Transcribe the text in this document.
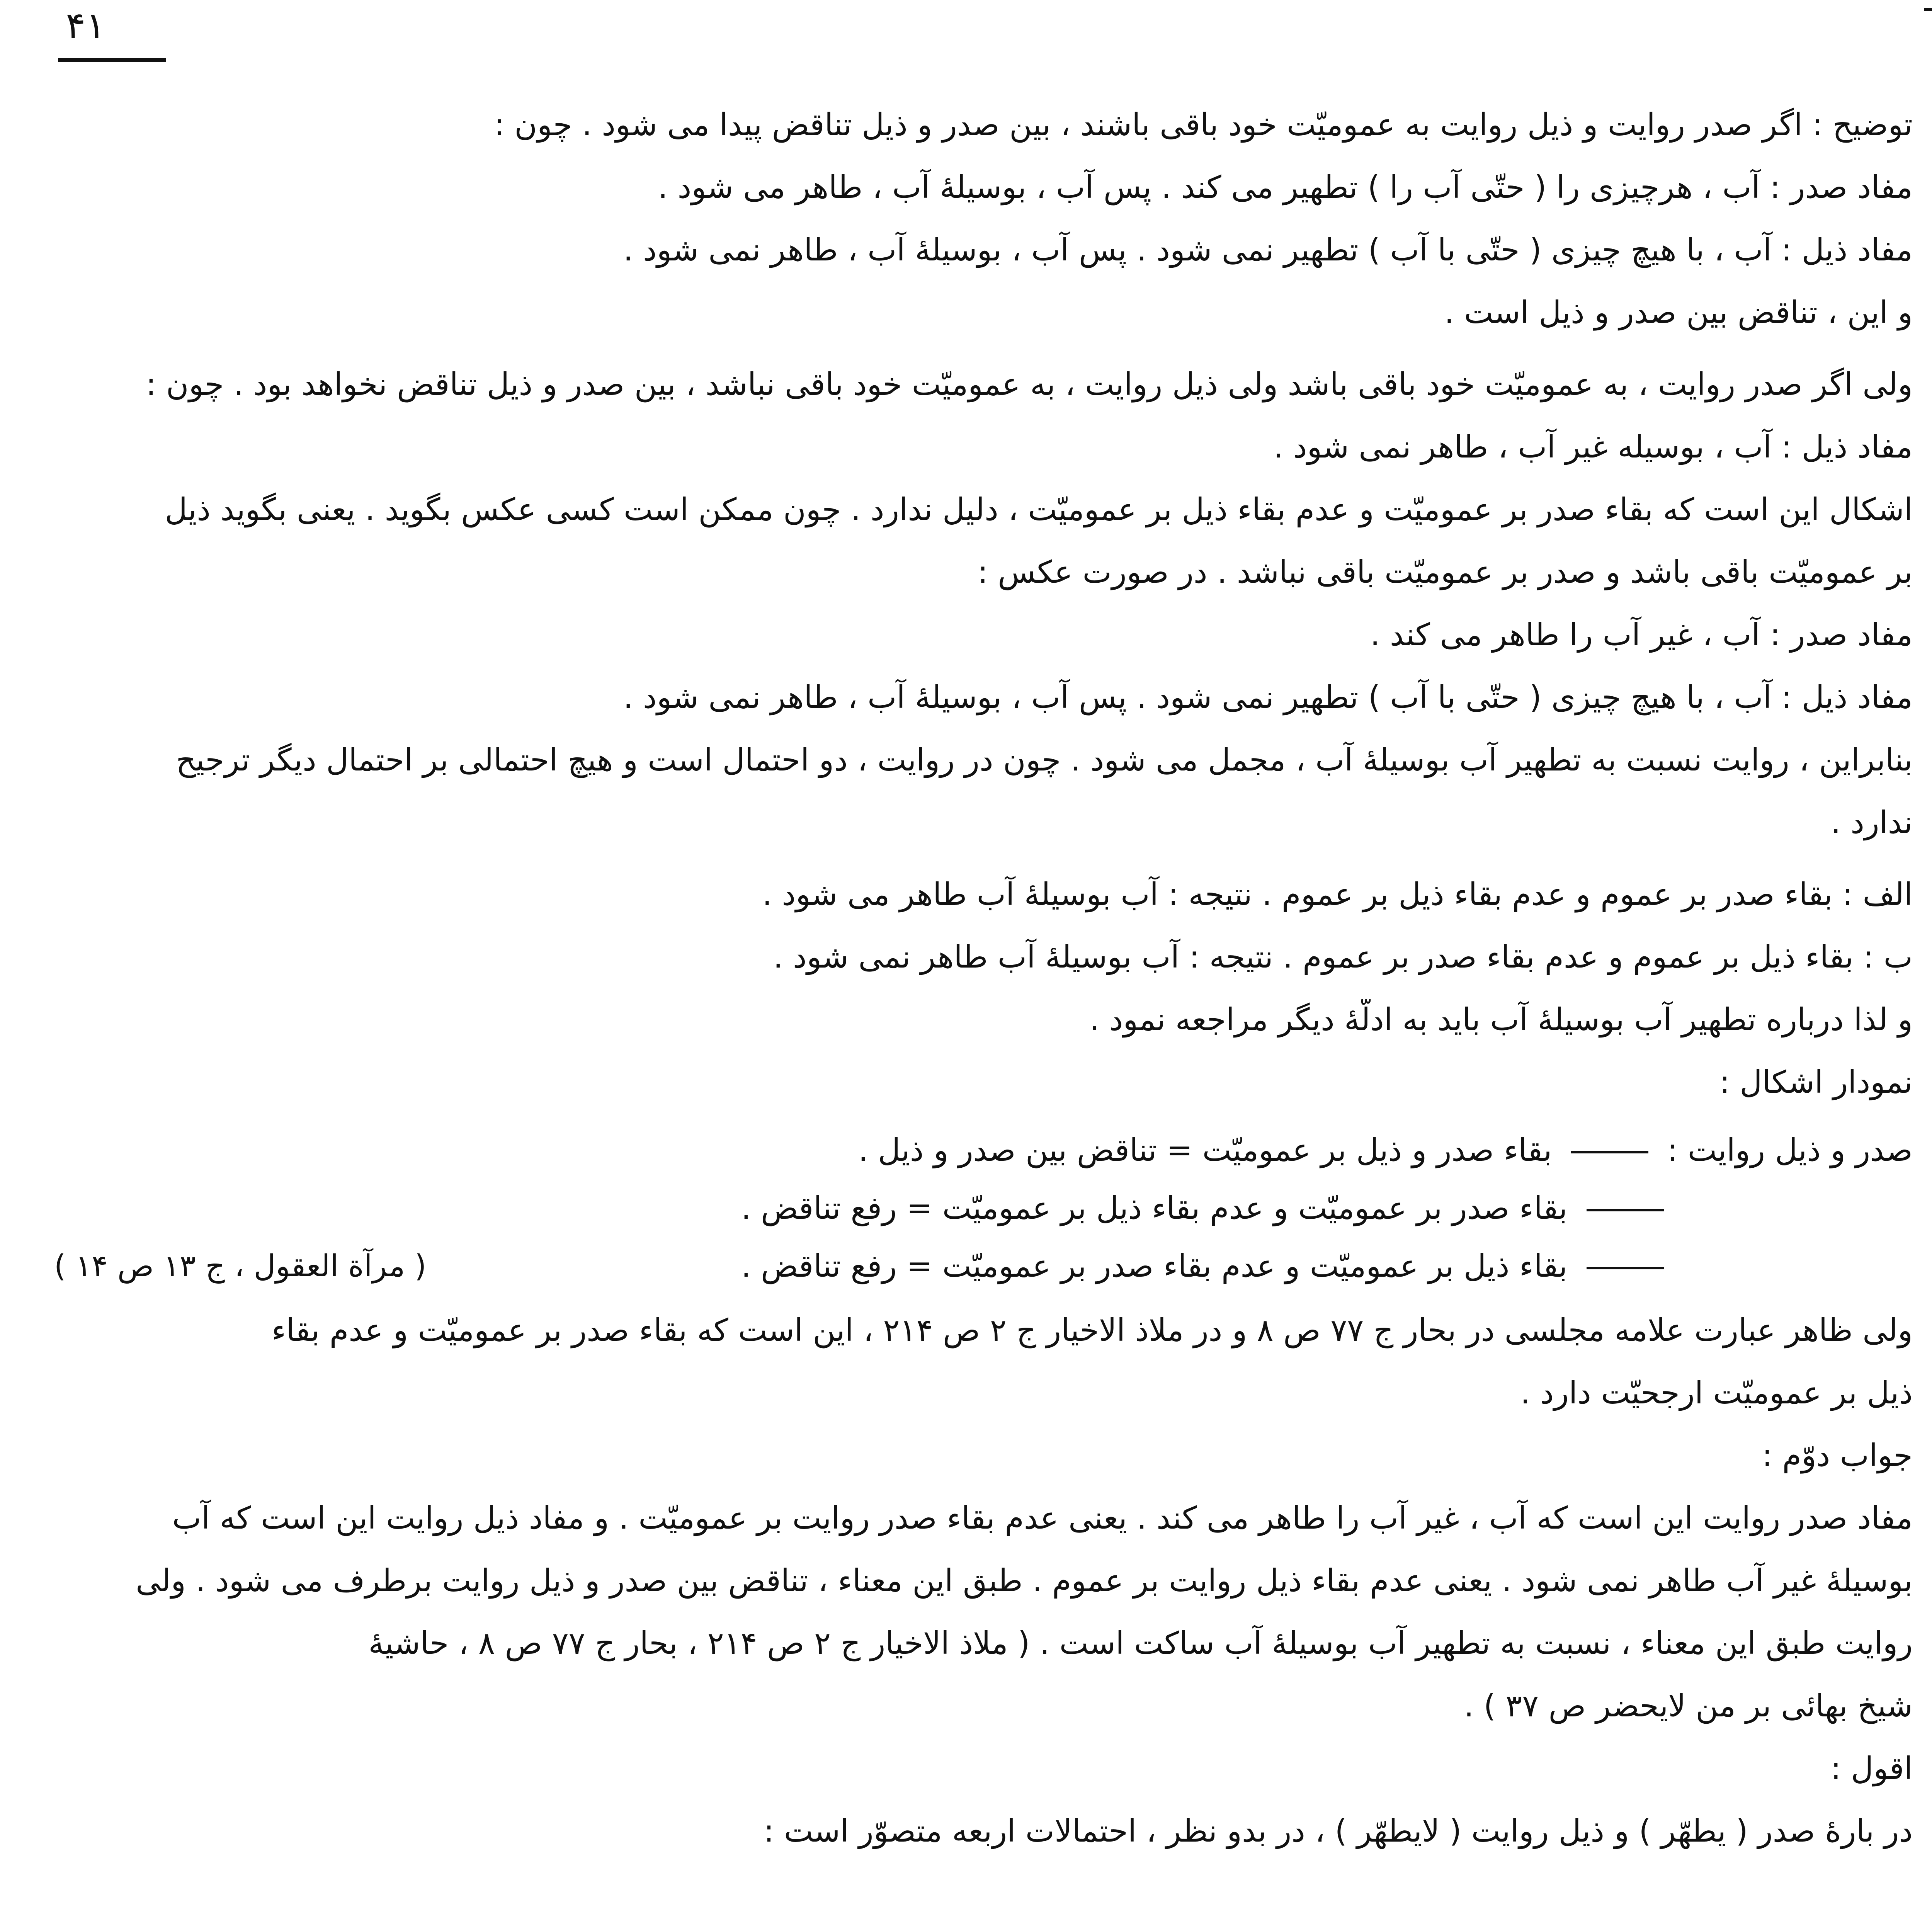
۴۱
توضیح : اگر صدر روایت و ذیل روایت به عمومیّت خود باقی باشند ، بین صدر و ذیل تناقض پیدا می شود . چون :
مفاد صدر : آب ، هرچیزی را ( حتّی آب را ) تطهیر می کند . پس آب ، بوسیلهٔ آب ، طاهر می شود .
مفاد ذیل : آب ، با هیچ چیزی ( حتّی با آب ) تطهیر نمی شود . پس آب ، بوسیلهٔ آب ، طاهر نمی شود .
و این ، تناقض بین صدر و ذیل است .
ولی اگر صدر روایت ، به عمومیّت خود باقی باشد ولی ذیل روایت ، به عمومیّت خود باقی نباشد ، بین صدر و ذیل تناقض نخواهد بود . چون :
مفاد ذیل : آب ، بوسیله غیر آب ، طاهر نمی شود .
اشکال این است که بقاء صدر بر عمومیّت و عدم بقاء ذیل بر عمومیّت ، دلیل ندارد . چون ممکن است کسی عکس بگوید . یعنی بگوید ذیل
بر عمومیّت باقی باشد و صدر بر عمومیّت باقی نباشد . در صورت عکس :
مفاد صدر : آب ، غیر آب را طاهر می کند .
مفاد ذیل : آب ، با هیچ چیزی ( حتّی با آب ) تطهیر نمی شود . پس آب ، بوسیلهٔ آب ، طاهر نمی شود .
بنابراین ، روایت نسبت به تطهیر آب بوسیلهٔ آب ، مجمل می شود . چون در روایت ، دو احتمال است و هیچ احتمالی بر احتمال دیگر ترجیح
ندارد .
الف : بقاء صدر بر عموم و عدم بقاء ذیل بر عموم . نتیجه : آب بوسیلهٔ آب طاهر می شود .
ب : بقاء ذیل بر عموم و عدم بقاء صدر بر عموم . نتیجه : آب بوسیلهٔ آب طاهر نمی شود .
و لذا درباره تطهیر آب بوسیلهٔ آب باید به ادلّهٔ دیگر مراجعه نمود .
نمودار اشکال :
صدر و ذیل روایت :  بقاء صدر و ذیل بر عمومیّت = تناقض بین صدر و ذیل .
بقاء صدر بر عمومیّت و عدم بقاء ذیل بر عمومیّت = رفع تناقض .
بقاء ذیل بر عمومیّت و عدم بقاء صدر بر عمومیّت = رفع تناقض .
( مرآة العقول ، ج ۱۳ ص ۱۴ )
ولی ظاهر عبارت علامه مجلسی در بحار ج ۷۷ ص ۸ و در ملاذ الاخیار ج ۲ ص ۲۱۴ ، این است که بقاء صدر بر عمومیّت و عدم بقاء
ذیل بر عمومیّت ارجحیّت دارد .
جواب دوّم :
مفاد صدر روایت این است که آب ، غیر آب را طاهر می کند . یعنی عدم بقاء صدر روایت بر عمومیّت . و مفاد ذیل روایت این است که آب
بوسیلهٔ غیر آب طاهر نمی شود . یعنی عدم بقاء ذیل روایت بر عموم . طبق این معناء ، تناقض بین صدر و ذیل روایت برطرف می شود . ولی
روایت طبق این معناء ، نسبت به تطهیر آب بوسیلهٔ آب ساکت است . ( ملاذ الاخیار ج ۲ ص ۲۱۴ ، بحار ج ۷۷ ص ۸ ، حاشیهٔ
شیخ بهائی بر من لایحضر ص ۳۷ ) .
اقول :
در بارهٔ صدر ( یطهّر ) و ذیل روایت ( لایطهّر ) ، در بدو نظر ، احتمالات اربعه متصوّر است :
